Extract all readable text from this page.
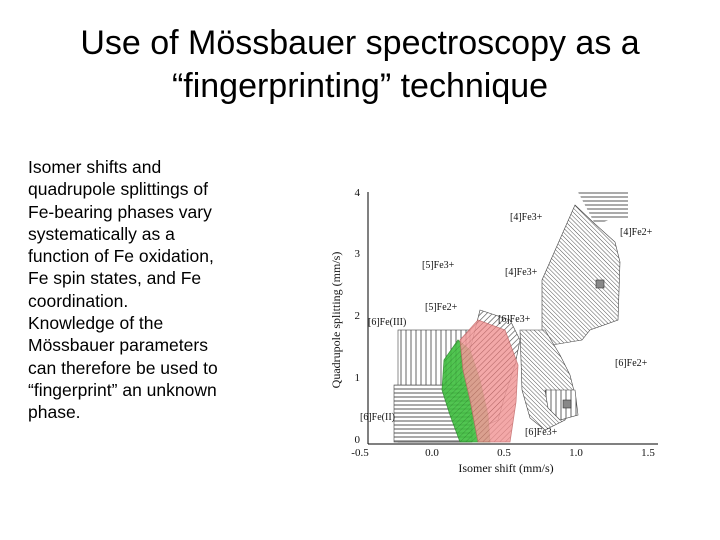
Use of Mössbauer spectroscopy as a
“fingerprinting” technique
Isomer shifts and
quadrupole splittings of
Fe-bearing phases vary
systematically as a
function of Fe oxidation,
Fe spin states, and Fe
coordination.
Knowledge of the
Mössbauer parameters
can therefore be used to
“fingerprint” an unknown
phase.
4
3
2
1
0
-0.5	0.0	0.5	1.0	1.5
Isomer shift (mm/s)
Quadrupole splitting (mm/s)
[4]Fe3+
[4]Fe2+
[5]Fe3+
[4]Fe3+
[5]Fe2+
[6]Fe3+
[6]Fe(III)
[6]Fe2+
[6]Fe(II)
[6]Fe3+
